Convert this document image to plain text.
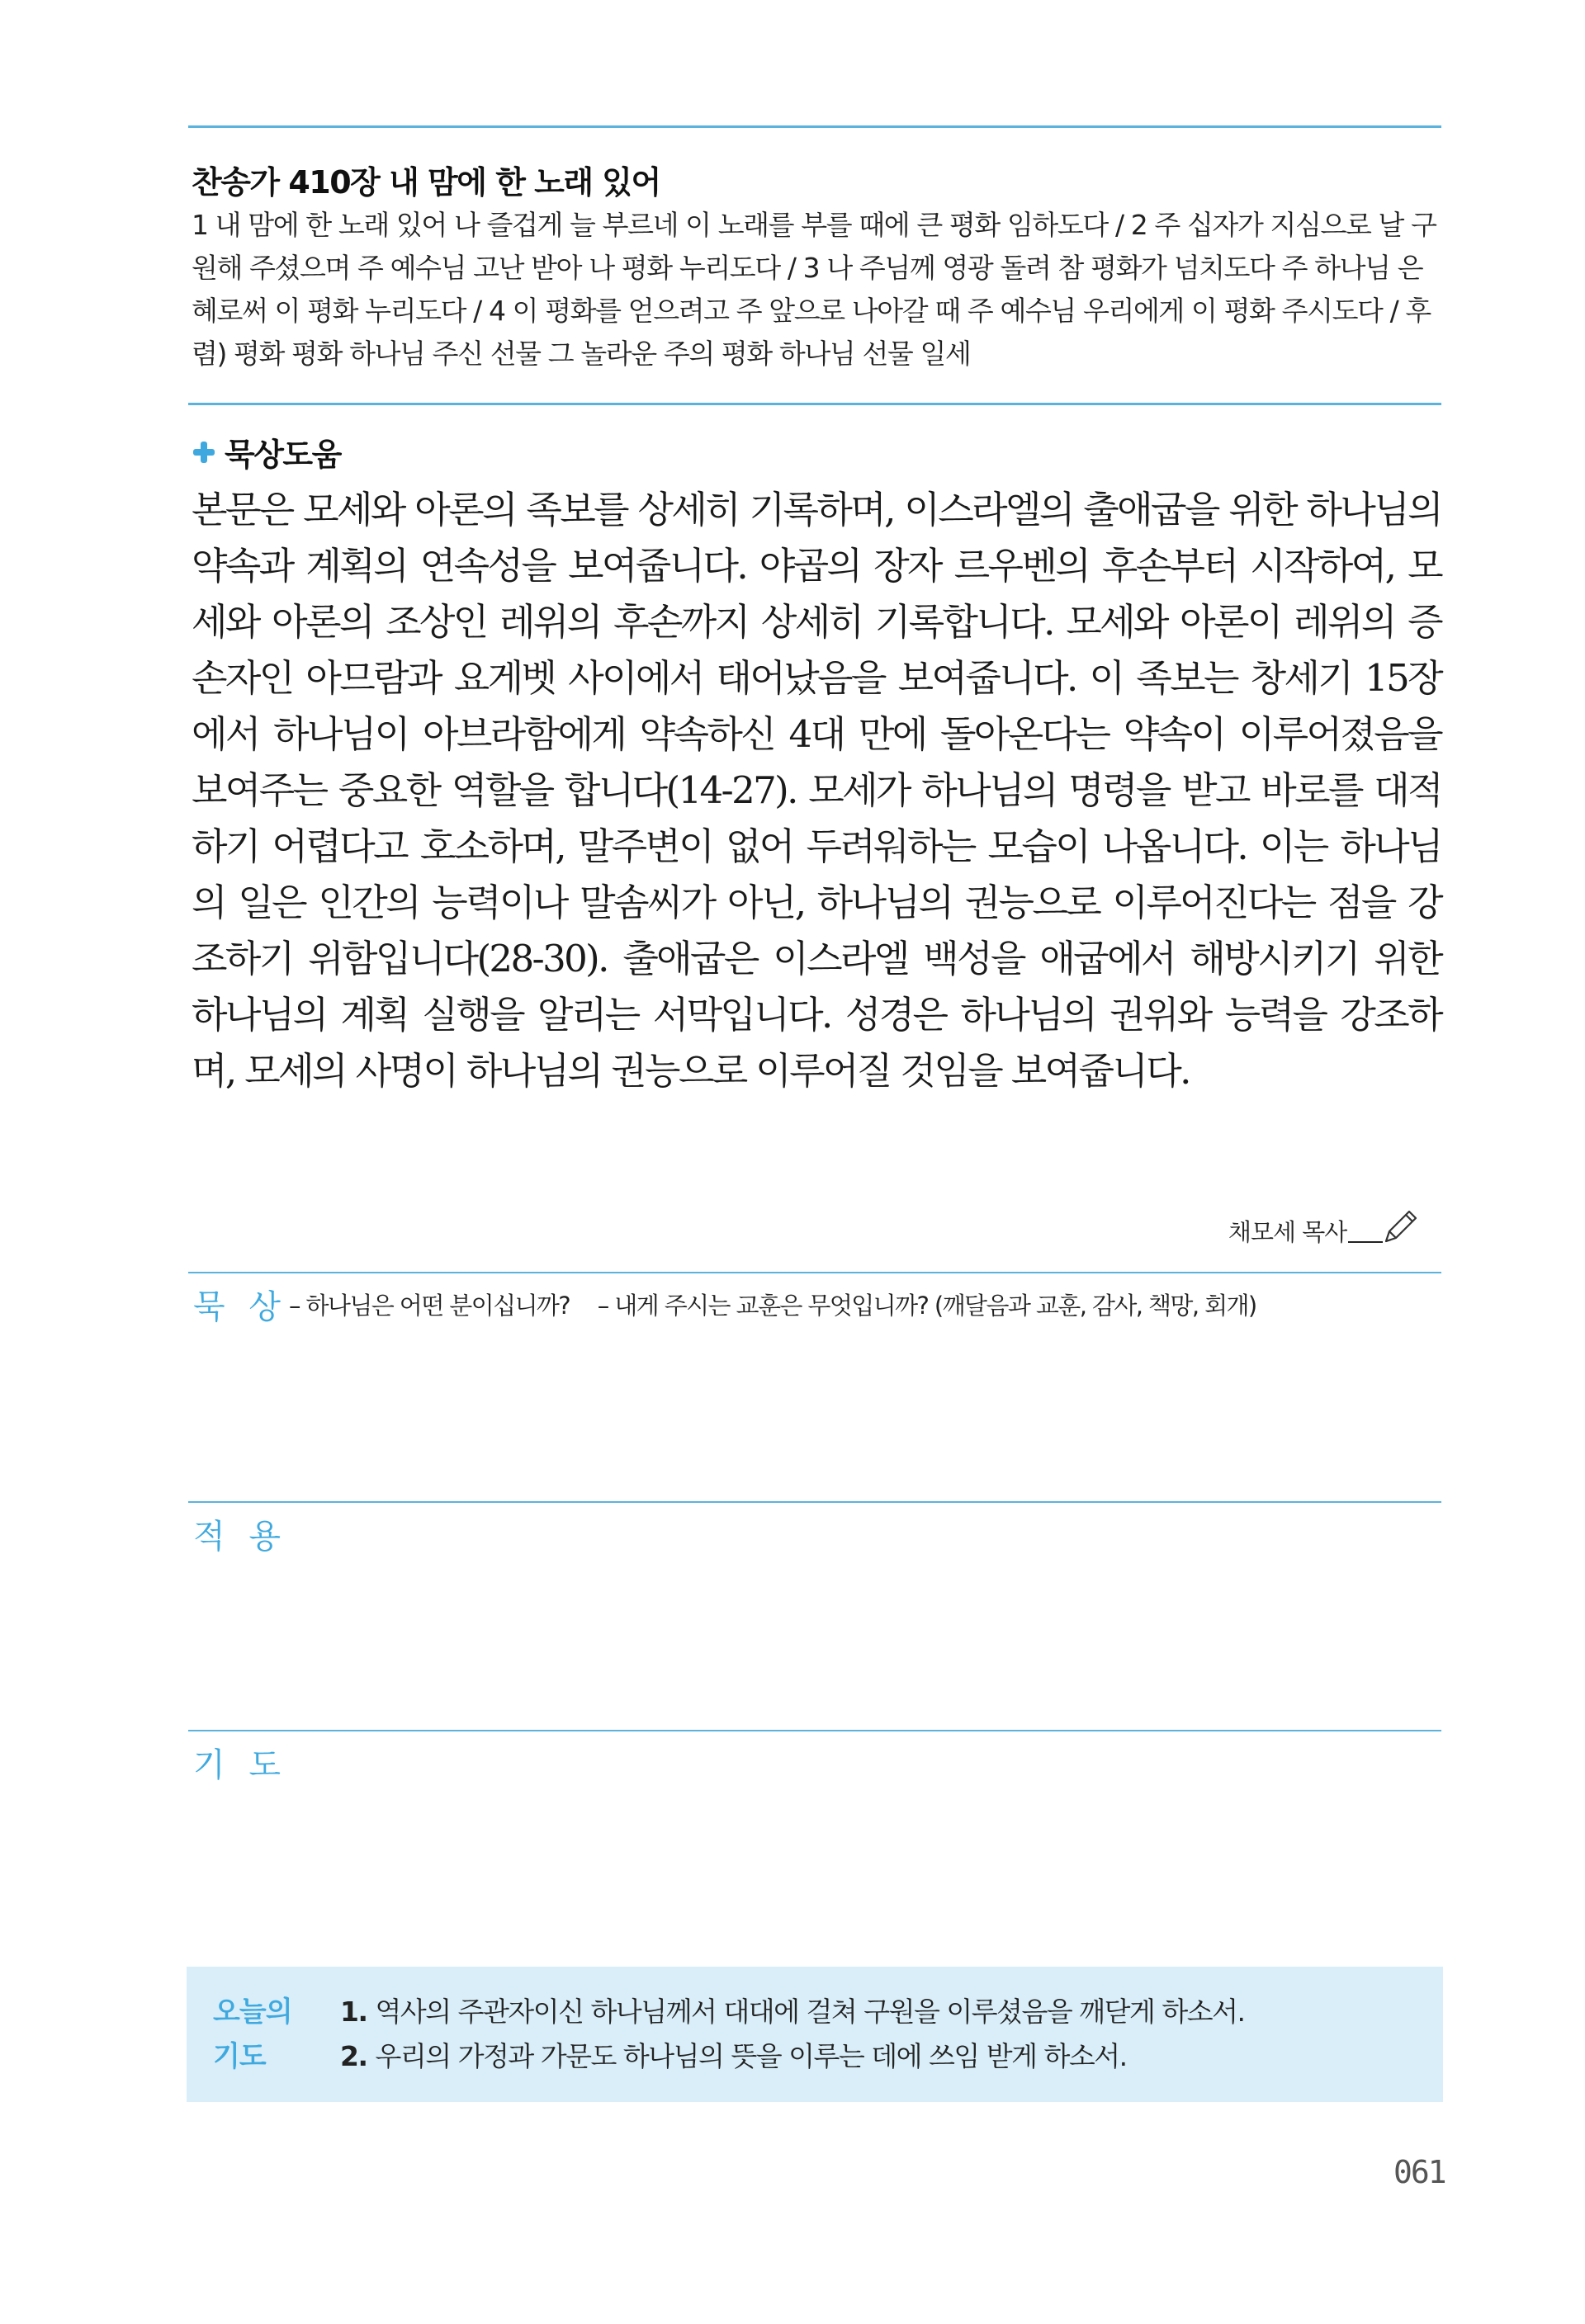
찬송가 410장 내 맘에 한 노래 있어

1 내 맘에 한 노래 있어 나 즐겁게 늘 부르네 이 노래를 부를 때에 큰 평화 임하도다 / 2 주 십자가 지심으로 날 구원해 주셨으며 주 예수님 고난 받아 나 평화 누리도다 / 3 나 주님께 영광 돌려 참 평화가 넘치도다 주 하나님 은혜로써 이 평화 누리도다 / 4 이 평화를 얻으려고 주 앞으로 나아갈 때 주 예수님 우리에게 이 평화 주시도다 / 후렴) 평화 평화 하나님 주신 선물 그 놀라운 주의 평화 하나님 선물 일세

묵상도움

본문은 모세와 아론의 족보를 상세히 기록하며, 이스라엘의 출애굽을 위한 하나님의 약속과 계획의 연속성을 보여줍니다. 야곱의 장자 르우벤의 후손부터 시작하여, 모세와 아론의 조상인 레위의 후손까지 상세히 기록합니다. 모세와 아론이 레위의 증손자인 아므람과 요게벳 사이에서 태어났음을 보여줍니다. 이 족보는 창세기 15장에서 하나님이 아브라함에게 약속하신 4대 만에 돌아온다는 약속이 이루어졌음을 보여주는 중요한 역할을 합니다(14-27). 모세가 하나님의 명령을 받고 바로를 대적하기 어렵다고 호소하며, 말주변이 없어 두려워하는 모습이 나옵니다. 이는 하나님의 일은 인간의 능력이나 말솜씨가 아닌, 하나님의 권능으로 이루어진다는 점을 강조하기 위함입니다(28-30). 출애굽은 이스라엘 백성을 애굽에서 해방시키기 위한 하나님의 계획 실행을 알리는 서막입니다. 성경은 하나님의 권위와 능력을 강조하며, 모세의 사명이 하나님의 권능으로 이루어질 것임을 보여줍니다.

채모세 목사
묵 상 – 하나님은 어떤 분이십니까? – 내게 주시는 교훈은 무엇입니까? (깨달음과 교훈, 감사, 책망, 회개)
적 용
기 도
오늘의 기도
1. 역사의 주관자이신 하나님께서 대대에 걸쳐 구원을 이루셨음을 깨닫게 하소서.
2. 우리의 가정과 가문도 하나님의 뜻을 이루는 데에 쓰임 받게 하소서.
061
